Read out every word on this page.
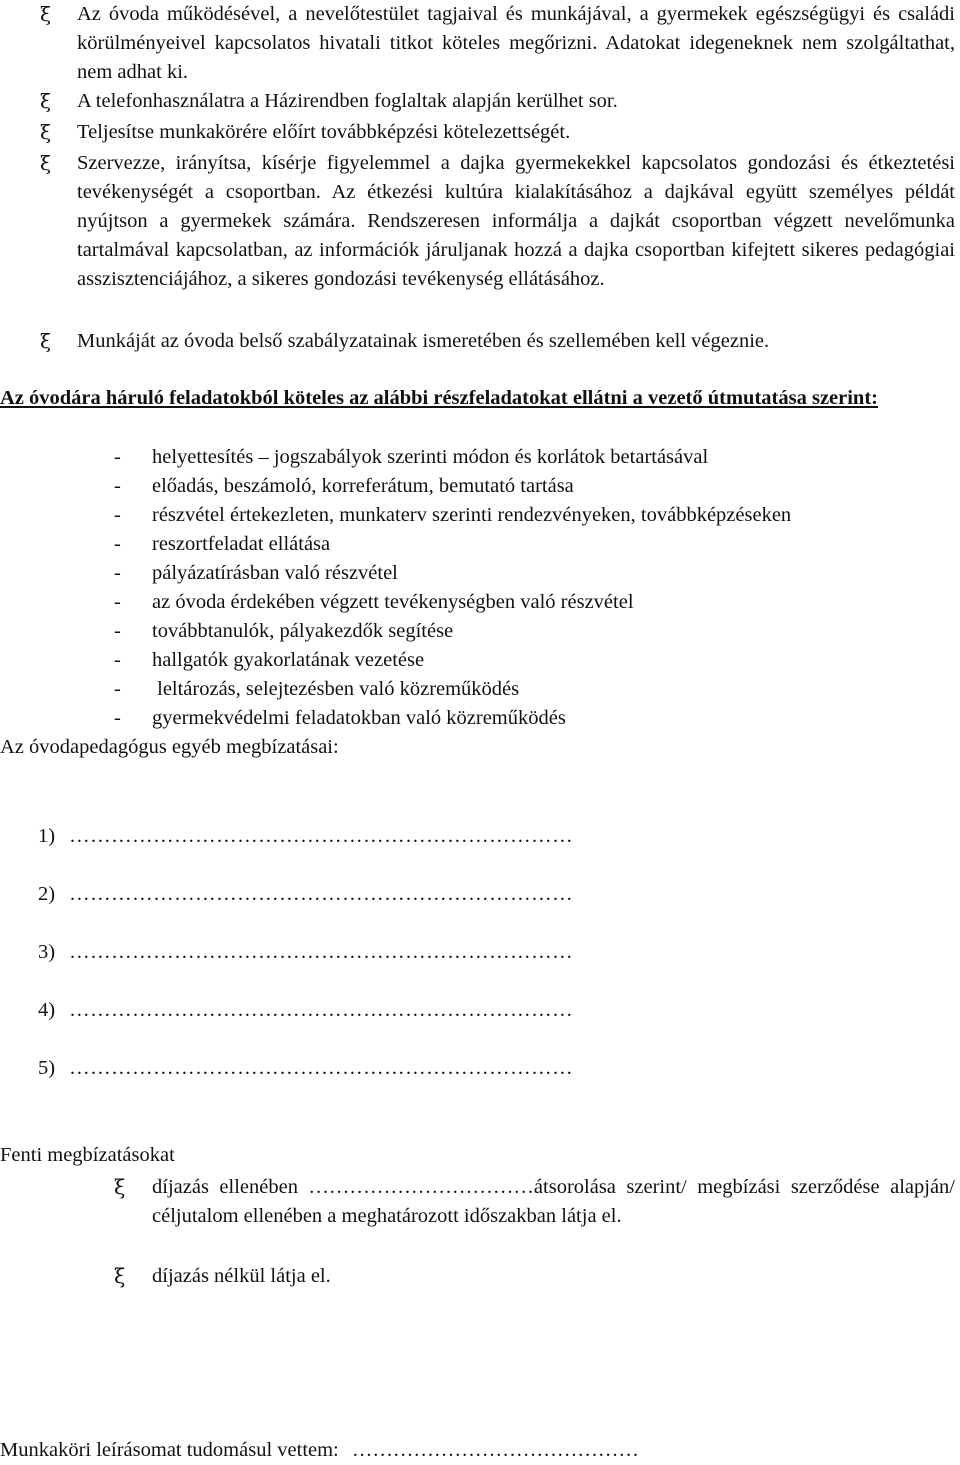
ξ	Az óvoda működésével, a nevelőtestület tagjaival és munkájával, a gyermekek egészségügyi és családi körülményeivel kapcsolatos hivatali titkot köteles megőrizni. Adatokat idegeneknek nem szolgáltathat, nem adhat ki.
ξ	A telefonhasználatra a Házirendben foglaltak alapján kerülhet sor.
ξ	Teljesítse munkakörére előírt továbbképzési kötelezettségét.
ξ	Szervezze, irányítsa, kísérje figyelemmel a dajka gyermekekkel kapcsolatos gondozási és étkeztetési tevékenységét a csoportban. Az étkezési kultúra kialakításához a dajkával együtt személyes példát nyújtson a gyermekek számára. Rendszeresen informálja a dajkát csoportban végzett nevelőmunka tartalmával kapcsolatban, az információk járuljanak hozzá a dajka csoportban kifejtett sikeres pedagógiai asszisztenciájához, a sikeres gondozási tevékenység ellátásához.
ξ	Munkáját az óvoda belső szabályzatainak ismeretében és szellemében kell végeznie.
Az óvodára háruló feladatokból köteles az alábbi részfeladatokat ellátni a vezető útmutatása szerint:
- helyettesítés – jogszabályok szerinti módon és korlátok betartásával
- előadás, beszámoló, korreferátum, bemutató tartása
- részvétel értekezleten, munkaterv szerinti rendezvényeken, továbbképzéseken
- reszortfeladat ellátása
- pályázatírásban való részvétel
- az óvoda érdekében végzett tevékenységben való részvétel
- továbbtanulók, pályakezdők segítése
- hallgatók gyakorlatának vezetése
- leltározás, selejtezésben való közreműködés
- gyermekvédelmi feladatokban való közreműködés
Az óvodapedagógus egyéb megbízatásai:
1) ………………………………………………………………
2) ………………………………………………………………
3) ………………………………………………………………
4) ………………………………………………………………
5) ………………………………………………………………
Fenti megbízatásokat
ξ díjazás ellenében ……………………………átsorolása szerint/ megbízási szerződése alapján/ céljutalom ellenében a meghatározott időszakban látja el.
ξ díjazás nélkül látja el.
Munkaköri leírásomat tudomásul vettem: ……………………………………
